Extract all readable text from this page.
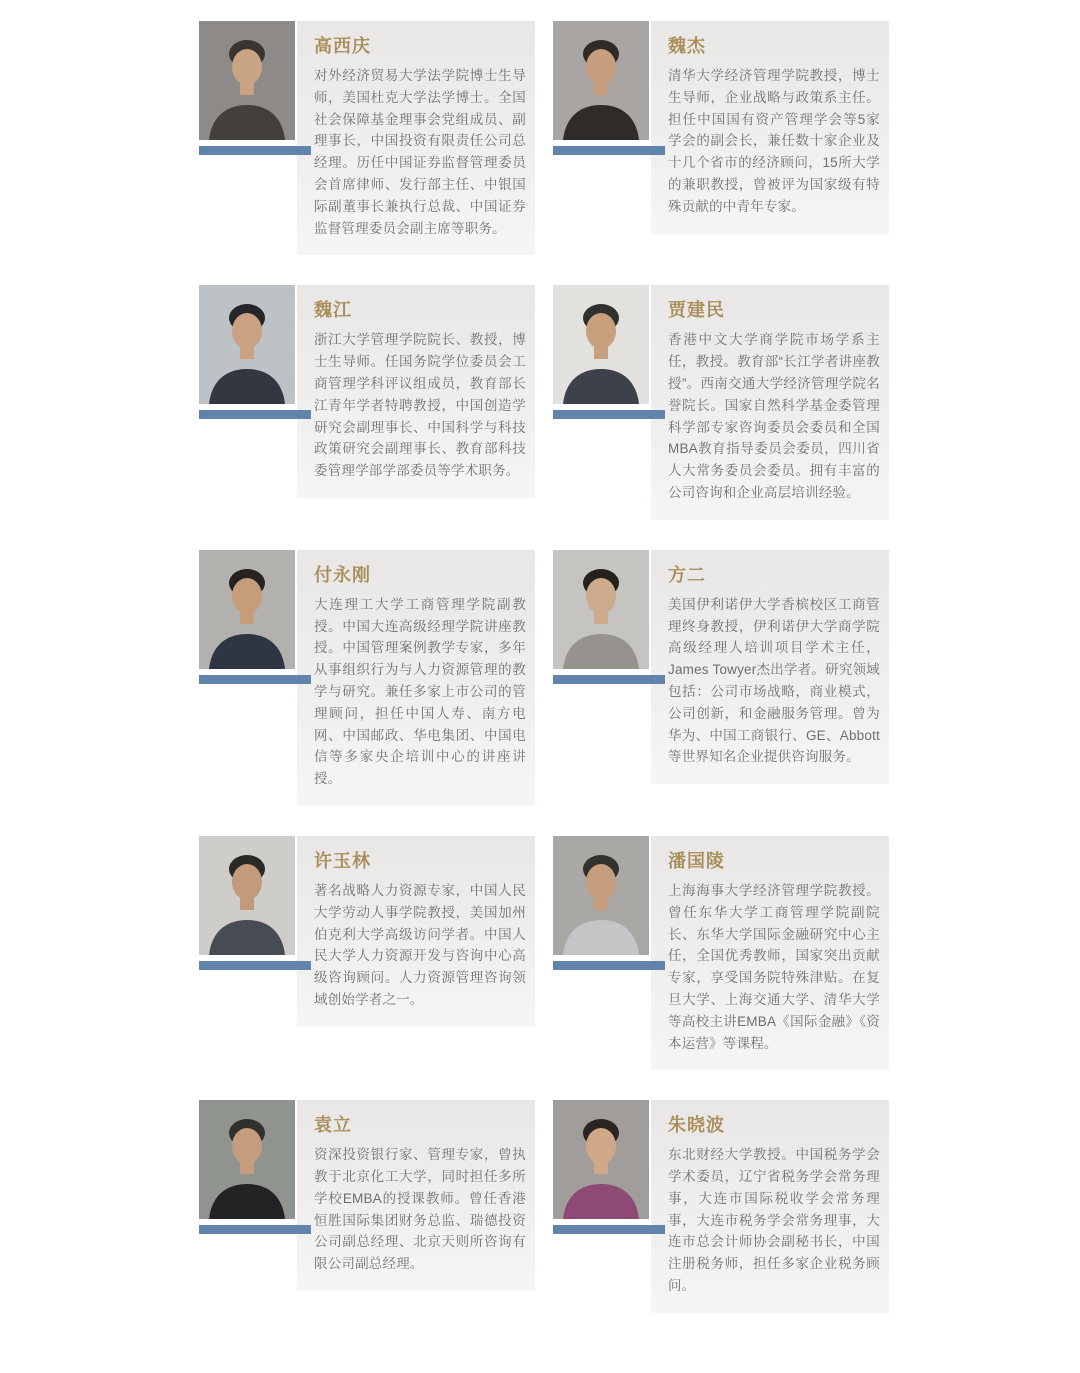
高西庆

对外经济贸易大学法学院博士生导师，美国杜克大学法学博士。全国社会保障基金理事会党组成员、副理事长，中国投资有限责任公司总经理。历任中国证券监督管理委员会首席律师、发行部主任、中银国际副董事长兼执行总裁、中国证券监督管理委员会副主席等职务。

魏杰

清华大学经济管理学院教授，博士生导师，企业战略与政策系主任。担任中国国有资产管理学会等5家学会的副会长，兼任数十家企业及十几个省市的经济顾问，15所大学的兼职教授，曾被评为国家级有特殊贡献的中青年专家。

魏江

浙江大学管理学院院长、教授，博士生导师。任国务院学位委员会工商管理学科评议组成员，教育部长江青年学者特聘教授，中国创造学研究会副理事长、中国科学与科技政策研究会副理事长、教育部科技委管理学部学部委员等学术职务。

贾建民

香港中文大学商学院市场学系主任，教授。教育部“长江学者讲座教授”。西南交通大学经济管理学院名誉院长。国家自然科学基金委管理科学部专家咨询委员会委员和全国MBA教育指导委员会委员，四川省人大常务委员会委员。拥有丰富的公司咨询和企业高层培训经验。

付永刚

大连理工大学工商管理学院副教授。中国大连高级经理学院讲座教授。中国管理案例教学专家，多年从事组织行为与人力资源管理的教学与研究。兼任多家上市公司的管理顾问，担任中国人寿、南方电网、中国邮政、华电集团、中国电信等多家央企培训中心的讲座讲授。

方二

美国伊利诺伊大学香槟校区工商管理终身教授，伊利诺伊大学商学院高级经理人培训项目学术主任，James Towyer杰出学者。研究领域包括：公司市场战略，商业模式，公司创新，和金融服务管理。曾为华为、中国工商银行、GE、Abbott等世界知名企业提供咨询服务。

许玉林

著名战略人力资源专家，中国人民大学劳动人事学院教授，美国加州伯克利大学高级访问学者。中国人民大学人力资源开发与咨询中心高级咨询顾问。人力资源管理咨询领域创始学者之一。

潘国陵

上海海事大学经济管理学院教授。曾任东华大学工商管理学院副院长、东华大学国际金融研究中心主任，全国优秀教师，国家突出贡献专家，享受国务院特殊津贴。在复旦大学、上海交通大学、清华大学等高校主讲EMBA《国际金融》《资本运营》等课程。

袁立

资深投资银行家、管理专家，曾执教于北京化工大学，同时担任多所学校EMBA的授课教师。曾任香港恒胜国际集团财务总监、瑞德投资公司副总经理、北京天则所咨询有限公司副总经理。

朱晓波

东北财经大学教授。中国税务学会学术委员，辽宁省税务学会常务理事，大连市国际税收学会常务理事，大连市税务学会常务理事，大连市总会计师协会副秘书长，中国注册税务师，担任多家企业税务顾问。
